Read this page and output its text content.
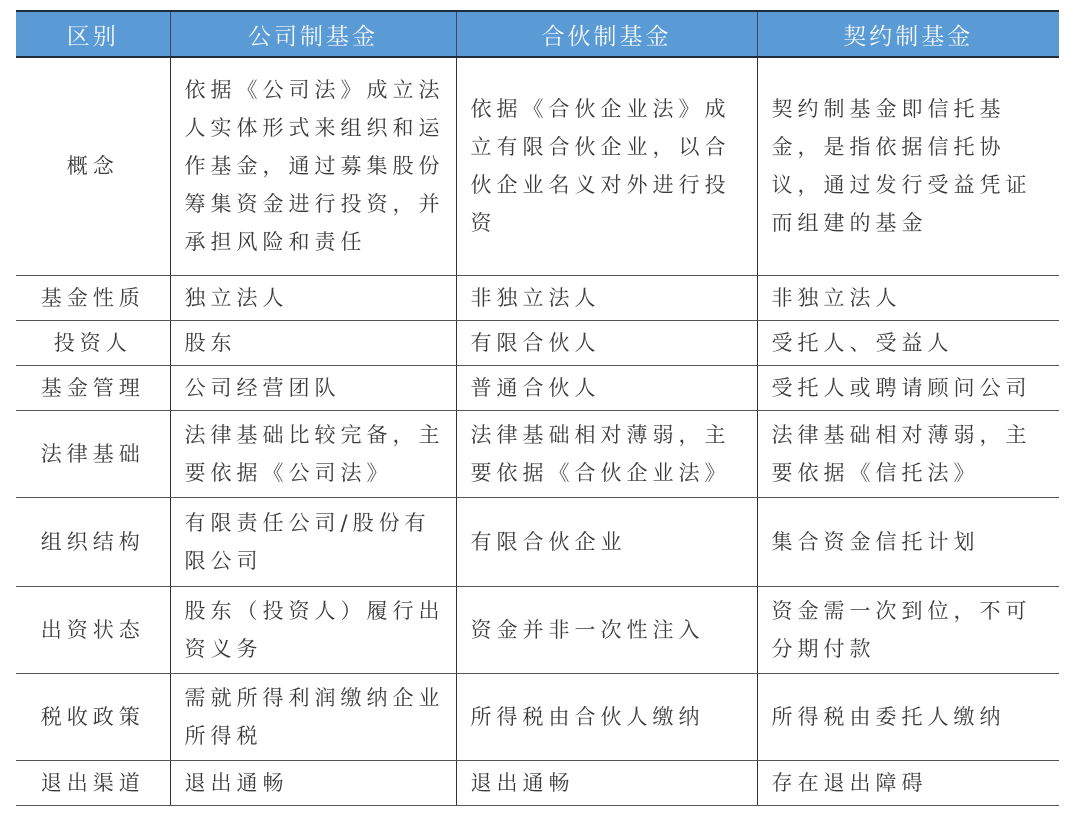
区别	公司制基金	合伙制基金	契约制基金
概念	依据《公司法》成立法人实体形式来组织和运作基金，通过募集股份筹集资金进行投资，并承担风险和责任	依据《合伙企业法》成立有限合伙企业，以合伙企业名义对外进行投资	契约制基金即信托基金，是指依据信托协议，通过发行受益凭证而组建的基金
基金性质	独立法人	非独立法人	非独立法人
投资人	股东	有限合伙人	受托人、受益人
基金管理	公司经营团队	普通合伙人	受托人或聘请顾问公司
法律基础	法律基础比较完备，主要依据《公司法》	法律基础相对薄弱，主要依据《合伙企业法》	法律基础相对薄弱，主要依据《信托法》
组织结构	有限责任公司/股份有限公司	有限合伙企业	集合资金信托计划
出资状态	股东（投资人）履行出资义务	资金并非一次性注入	资金需一次到位，不可分期付款
税收政策	需就所得利润缴纳企业所得税	所得税由合伙人缴纳	所得税由委托人缴纳
退出渠道	退出通畅	退出通畅	存在退出障碍
